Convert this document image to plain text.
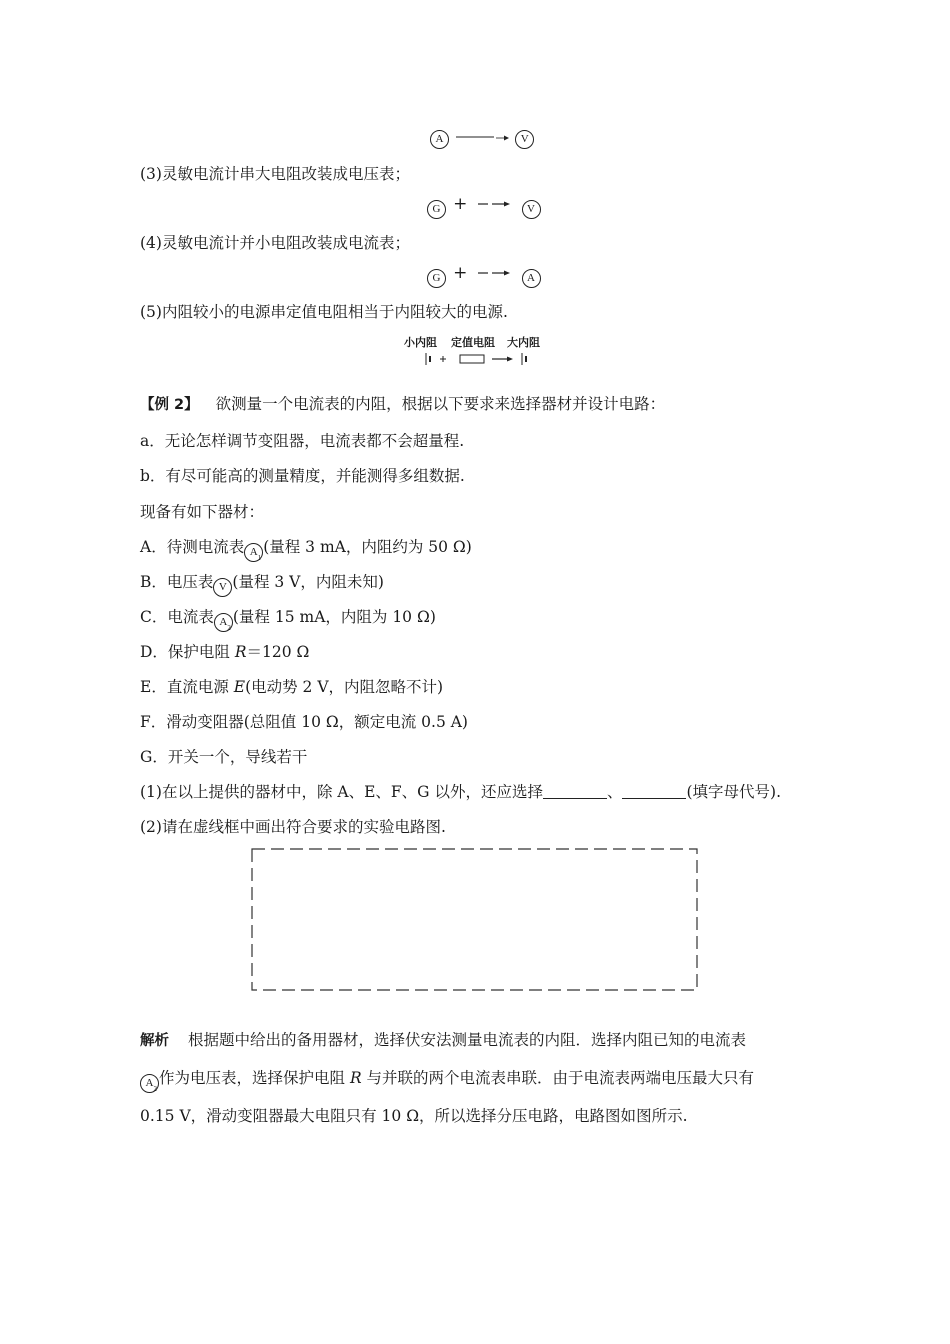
A	V
(3)灵敏电流计串大电阻改装成电压表；
G +	V
(4)灵敏电流计并小电阻改装成电流表；
G +	A
(5)内阻较小的电源串定值电阻相当于内阻较大的电源.
小内阻 定值电阻 大内阻
【例 2】 欲测量一个电流表的内阻，根据以下要求来选择器材并设计电路：
a．无论怎样调节变阻器，电流表都不会超量程.
b．有尽可能高的测量精度，并能测得多组数据.
现备有如下器材：
A．待测电流表 A 1
(量程 3 mA，内阻约为 50 Ω)
B．电压表 V (量程 3 V，内阻未知)
C．电流表 A 2
(量程 15 mA，内阻为 10 Ω)
D．保护电阻 R＝120 Ω
E．直流电源 E(电动势 2 V，内阻忽略不计)
F．滑动变阻器(总阻值 10 Ω，额定电流 0.5 A)
G．开关一个，导线若干
(1)在以上提供的器材中，除 A、E、F、G 以外，还应选择	、	(填字母代号).
(2)请在虚线框中画出符合要求的实验电路图.
解析 根据题中给出的备用器材，选择伏安法测量电流表的内阻．选择内阻已知的电流表
A 2
作为电压表，选择保护电阻 R 与并联的两个电流表串联．由于电流表两端电压最大只有
0.15 V，滑动变阻器最大电阻只有 10 Ω，所以选择分压电路，电路图如图所示.
